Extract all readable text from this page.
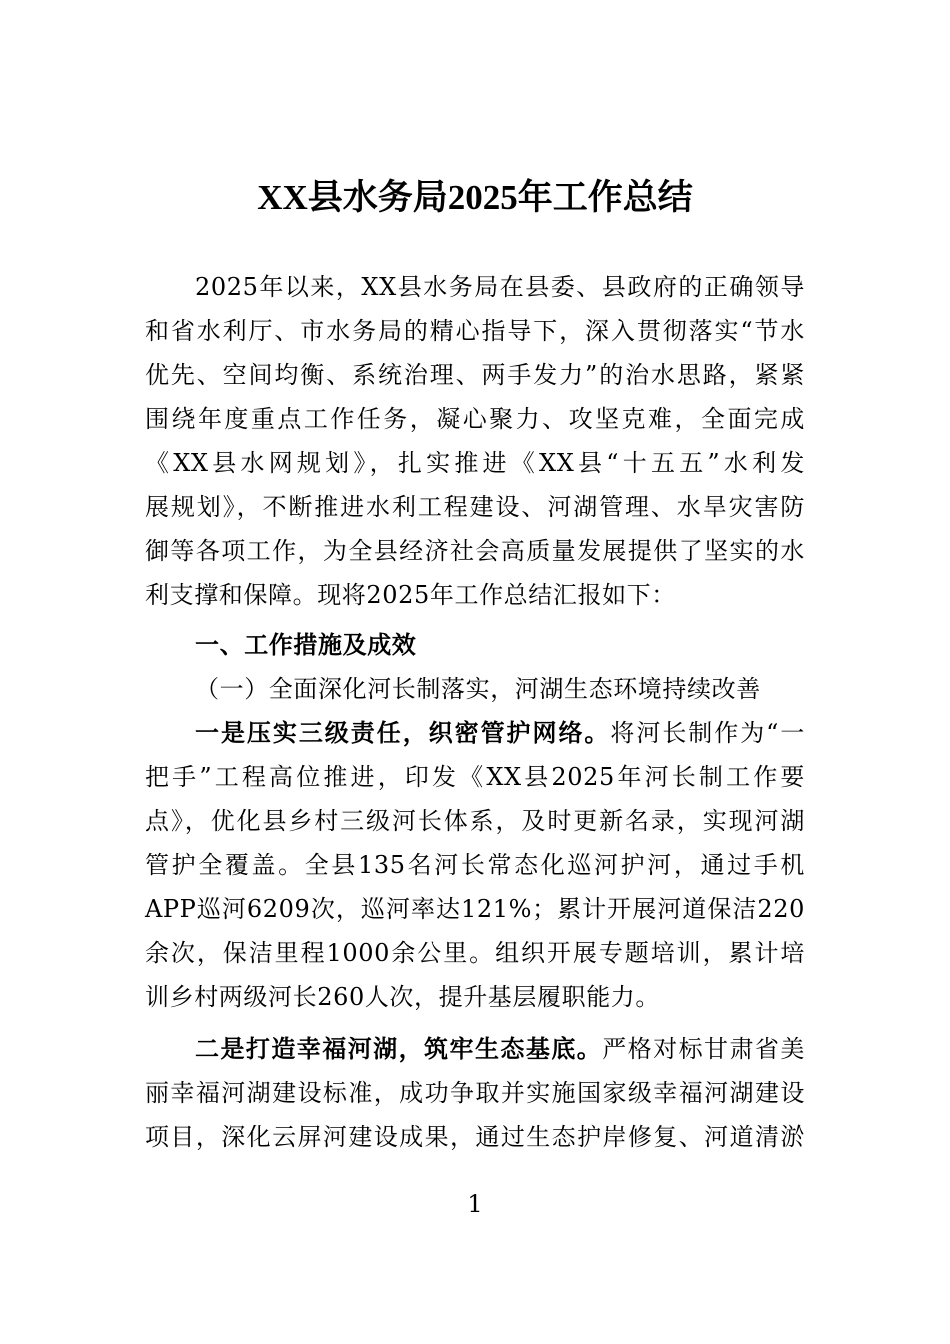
XX县水务局2025年工作总结
2025年以来，XX县水务局在县委、县政府的正确领导
和省水利厅、市水务局的精心指导下，深入贯彻落实“节水
优先、空间均衡、系统治理、两手发力”的治水思路，紧紧
围绕年度重点工作任务，凝心聚力、攻坚克难，全面完成
《XX县水网规划》，扎实推进《XX县“十五五”水利发
展规划》，不断推进水利工程建设、河湖管理、水旱灾害防
御等各项工作，为全县经济社会高质量发展提供了坚实的水
利支撑和保障。现将2025年工作总结汇报如下：
一、工作措施及成效
（一）全面深化河长制落实，河湖生态环境持续改善
一是压实三级责任，织密管护网络。将河长制作为“一
把手”工程高位推进，印发《XX县2025年河长制工作要
点》，优化县乡村三级河长体系，及时更新名录，实现河湖
管护全覆盖。全县135名河长常态化巡河护河，通过手机
APP巡河6209次，巡河率达121%；累计开展河道保洁220
余次，保洁里程1000余公里。组织开展专题培训，累计培
训乡村两级河长260人次，提升基层履职能力。
二是打造幸福河湖，筑牢生态基底。严格对标甘肃省美
丽幸福河湖建设标准，成功争取并实施国家级幸福河湖建设
项目，深化云屏河建设成果，通过生态护岸修复、河道清淤
1
